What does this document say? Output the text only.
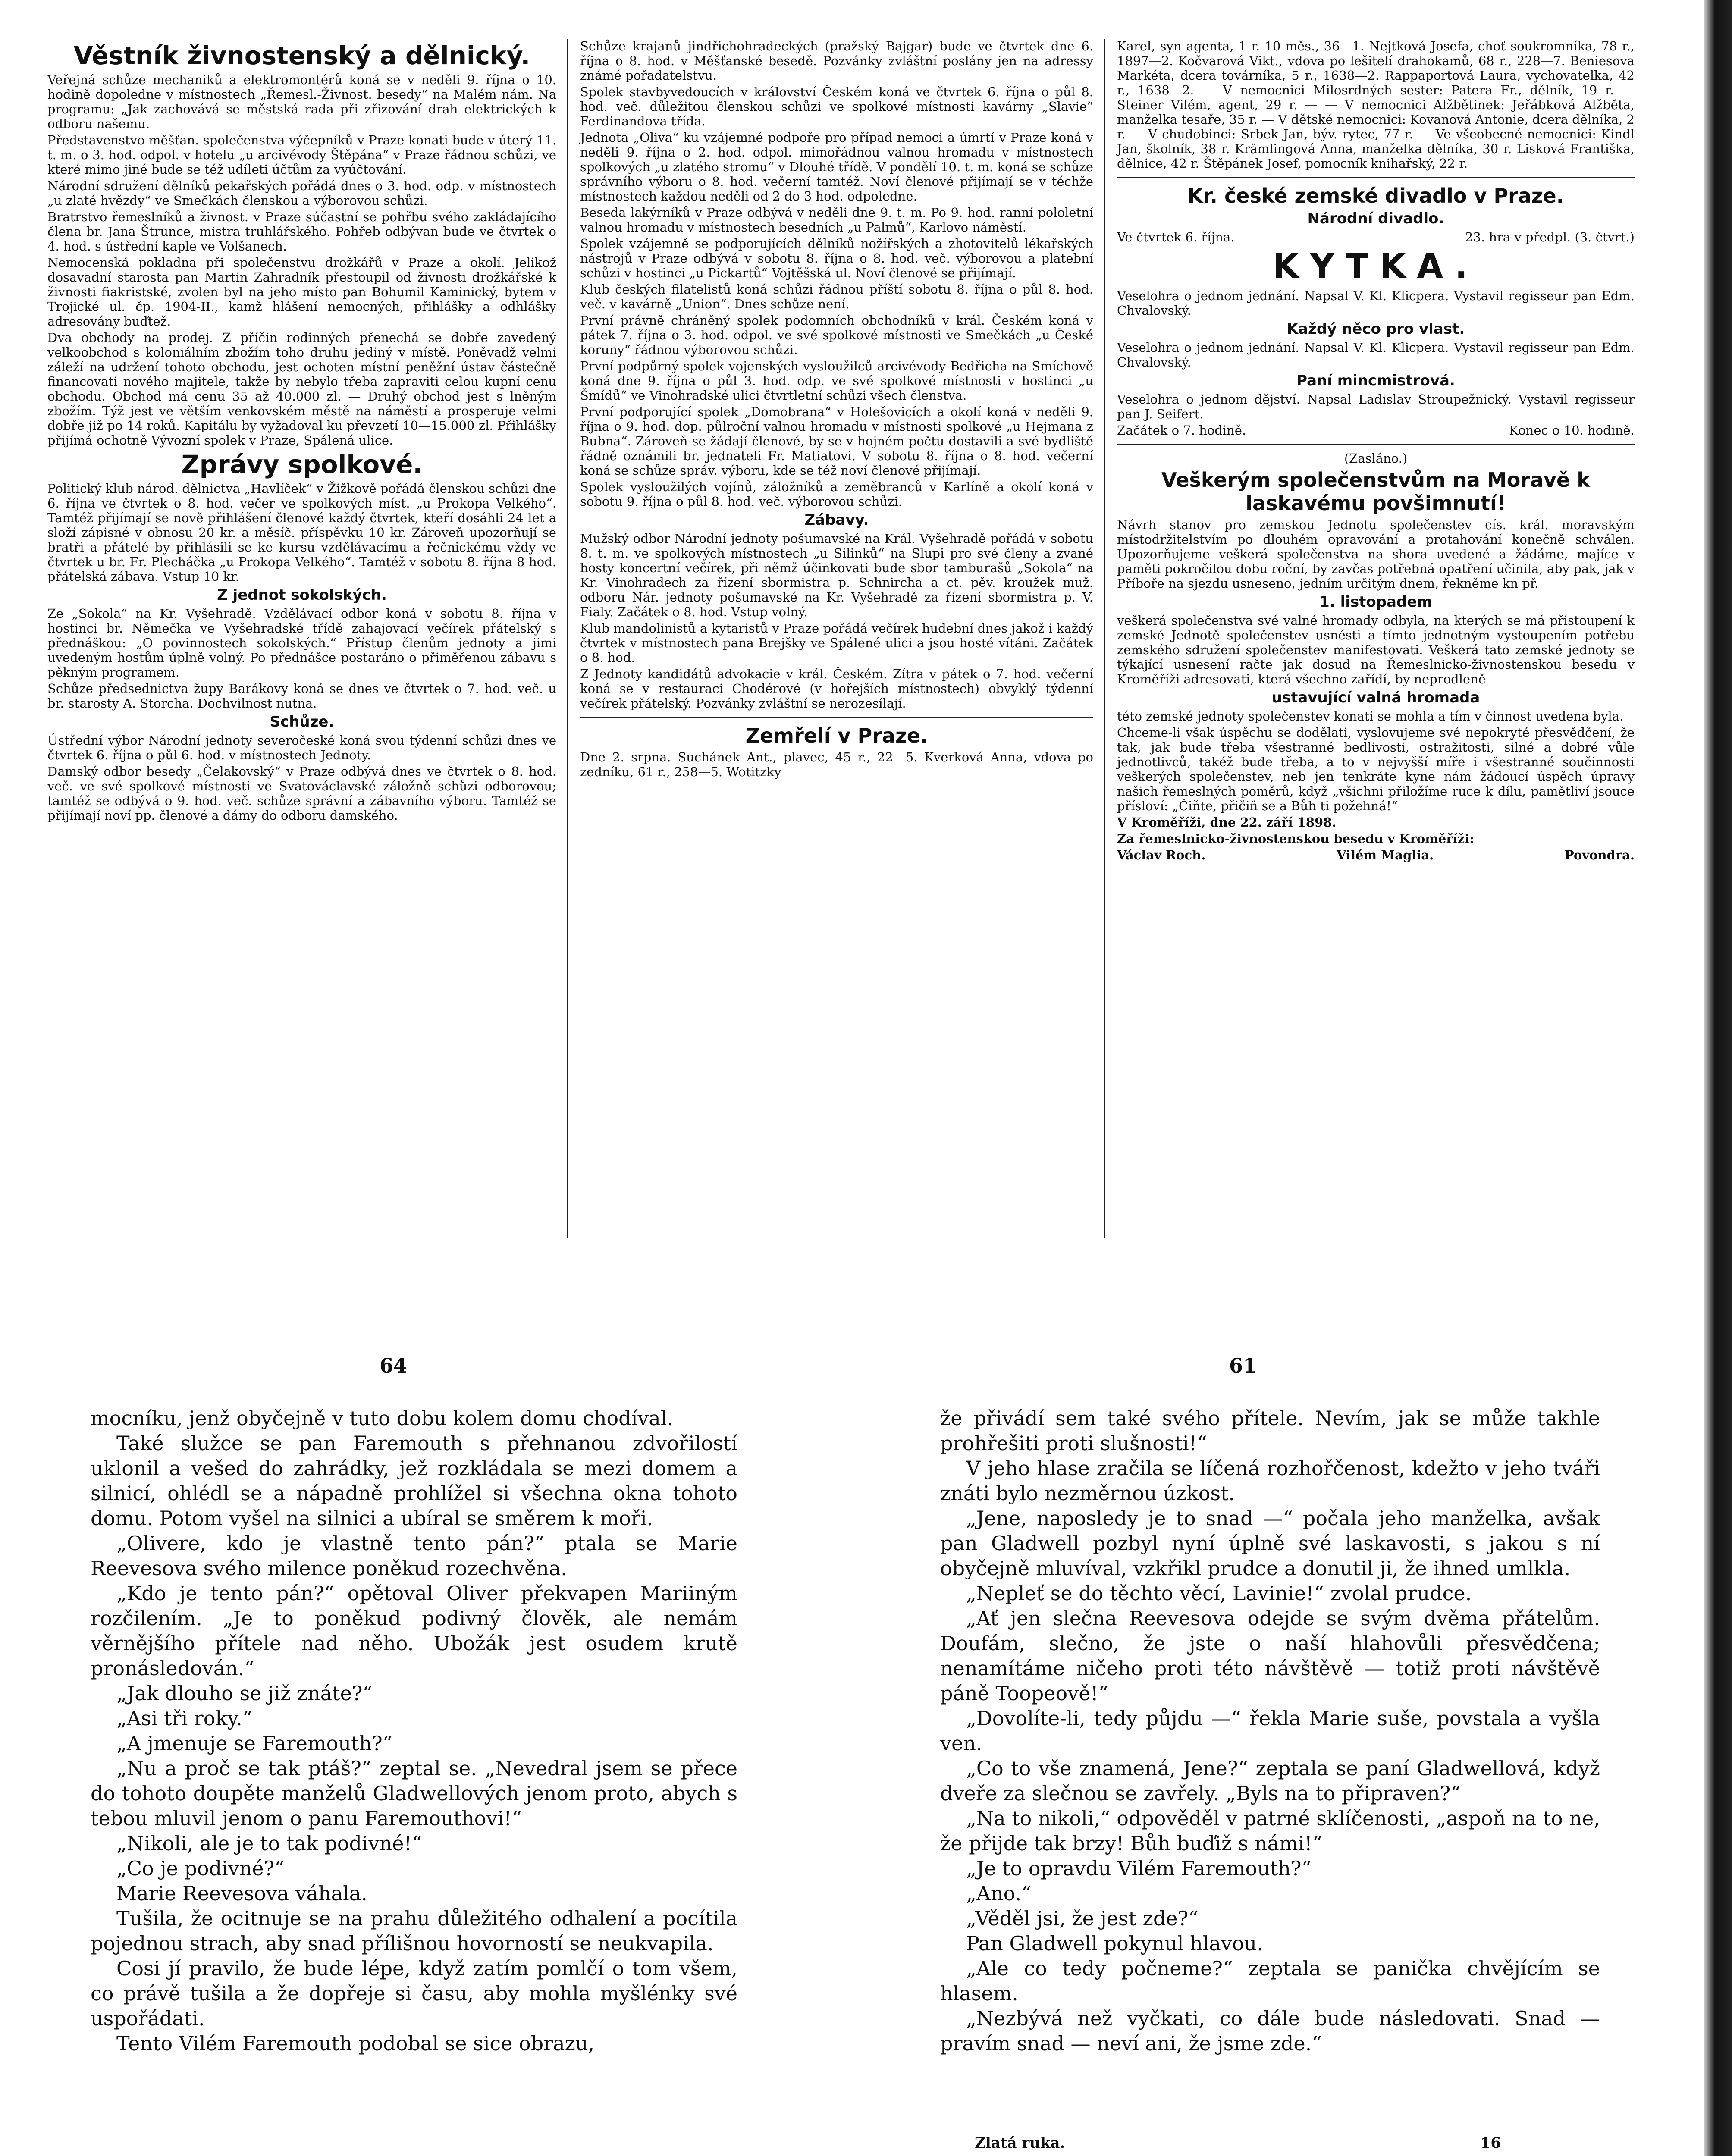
Věstník živnostenský a dělnický.

Veřejná schůze mechaniků a elektromontérů koná se v neděli 9. října o 10. hodině dopoledne v místnostech „Řemesl.-Živnost. besedy“ na Malém nám. Na programu: „Jak zachovává se městská rada při zřizování drah elektrických k odboru našemu.

Představenstvo měšťan. společenstva výčepníků v Praze konati bude v úterý 11. t. m. o 3. hod. odpol. v hotelu „u arcivévody Štěpána“ v Praze řádnou schůzi, ve které mimo jiné bude se též udíleti účtům za vyúčtování.

Národní sdružení dělníků pekařských pořádá dnes o 3. hod. odp. v místnostech „u zlaté hvězdy“ ve Smečkách členskou a výborovou schůzi.

Bratrstvo řemeslníků a živnost. v Praze súčastní se pohřbu svého zakládajícího člena br. Jana Štrunce, mistra truhlářského. Pohřeb odbývan bude ve čtvrtek o 4. hod. s ústřední kaple ve Volšanech.

Nemocenská pokladna při společenstvu drožkářů v Praze a okolí. Jelikož dosavadní starosta pan Martin Zahradník přestoupil od živnosti drožkářské k živnosti fiakristské, zvolen byl na jeho místo pan Bohumil Kaminický, bytem v Trojické ul. čp. 1904-II., kamž hlášení nemocných, přihlášky a odhlášky adresovány buďtež.

Dva obchody na prodej. Z příčin rodinných přenechá se dobře zavedený velkoobchod s koloniálním zbožím toho druhu jediný v místě. Poněvadž velmi záleží na udržení tohoto obchodu, jest ochoten místní peněžní ústav částečně financovati nového majitele, takže by nebylo třeba zapraviti celou kupní cenu obchodu. Obchod má cenu 35 až 40.000 zl. — Druhý obchod jest s lněným zbožím. Týž jest ve větším venkovském městě na náměstí a prosperuje velmi dobře již po 14 roků. Kapitálu by vyžadoval ku převzetí 10—15.000 zl. Přihlášky přijímá ochotně Vývozní spolek v Praze, Spálená ulice.

Zprávy spolkové.

Politický klub národ. dělnictva „Havlíček“ v Žižkově pořádá členskou schůzi dne 6. října ve čtvrtek o 8. hod. večer ve spolkových míst. „u Prokopa Velkého“. Tamtéž přijímají se nově přihlášení členové každý čtvrtek, kteří dosáhli 24 let a složí zápisné v obnosu 20 kr. a měsíč. příspěvku 10 kr. Zároveň upozorňují se bratři a přátelé by přihlásili se ke kursu vzdělávacímu a řečnickému vždy ve čtvrtek u br. Fr. Plecháčka „u Prokopa Velkého“. Tamtéž v sobotu 8. října 8 hod. přátelská zábava. Vstup 10 kr.

Z jednot sokolských.

Ze „Sokola“ na Kr. Vyšehradě. Vzdělávací odbor koná v sobotu 8. října v hostinci br. Němečka ve Vyšehradské třídě zahajovací večírek přátelský s přednáškou: „O povinnostech sokolských.“ Přístup členům jednoty a jimi uvedeným hostům úplně volný. Po přednášce postaráno o přiměřenou zábavu s pěkným programem.

Schůze předsednictva župy Barákovy koná se dnes ve čtvrtek o 7. hod. več. u br. starosty A. Storcha. Dochvilnost nutna.

Schůze.

Ústřední výbor Národní jednoty severočeské koná svou týdenní schůzi dnes ve čtvrtek 6. října o půl 6. hod. v místnostech Jednoty.

Damský odbor besedy „Čelakovský“ v Praze odbývá dnes ve čtvrtek o 8. hod. več. ve své spolkové místnosti ve Svatováclavské záložně schůzi odborovou; tamtéž se odbývá o 9. hod. več. schůze správní a zábavního výboru. Tamtéž se přijímají noví pp. členové a dámy do odboru damského.

Schůze krajanů jindřichohradeckých (pražský Bajgar) bude ve čtvrtek dne 6. října o 8. hod. v Měšťanské besedě. Pozvánky zvláštní poslány jen na adressy známé pořadatelstvu.

Spolek stavbyvedoucích v království Českém koná ve čtvrtek 6. října o půl 8. hod. več. důležitou členskou schůzi ve spolkové místnosti kavárny „Slavie“ Ferdinandova třída.

Jednota „Oliva“ ku vzájemné podpoře pro případ nemoci a úmrtí v Praze koná v neděli 9. října o 2. hod. odpol. mimořádnou valnou hromadu v místnostech spolkových „u zlatého stromu“ v Dlouhé třídě. V pondělí 10. t. m. koná se schůze správního výboru o 8. hod. večerní tamtéž. Noví členové přijímají se v téchže místnostech každou neděli od 2 do 3 hod. odpoledne.

Beseda lakýrníků v Praze odbývá v neděli dne 9. t. m. Po 9. hod. ranní pololetní valnou hromadu v místnostech besedních „u Palmů“, Karlovo náměstí.

Spolek vzájemně se podporujících dělníků nožířských a zhotovitelů lékařských nástrojů v Praze odbývá v sobotu 8. října o 8. hod. več. výborovou a platební schůzi v hostinci „u Pickartů“ Vojtěšská ul. Noví členové se přijímají.

Klub českých filatelistů koná schůzi řádnou příští sobotu 8. října o půl 8. hod. več. v kavárně „Union“. Dnes schůze není.

První právně chráněný spolek podomních obchodníků v král. Českém koná v pátek 7. října o 3. hod. odpol. ve své spolkové místnosti ve Smečkách „u České koruny“ řádnou výborovou schůzi.

První podpůrný spolek vojenských vysloužilců arcivévody Bedřicha na Smíchově koná dne 9. října o půl 3. hod. odp. ve své spolkové místnosti v hostinci „u Šmídů“ ve Vinohradské ulici čtvrtletní schůzi všech členstva.

První podporující spolek „Domobrana“ v Holešovicích a okolí koná v neděli 9. října o 9. hod. dop. půlroční valnou hromadu v místnosti spolkové „u Hejmana z Bubna“. Zároveň se žádají členové, by se v hojném počtu dostavili a své bydliště řádně oznámili br. jednateli Fr. Matiatovi. V sobotu 8. října o 8. hod. večerní koná se schůze správ. výboru, kde se též noví členové přijímají.

Spolek vysloužilých vojínů, záložníků a zeměbranců v Karlíně a okolí koná v sobotu 9. října o půl 8. hod. več. výborovou schůzi.

Zábavy.

Mužský odbor Národní jednoty pošumavské na Král. Vyšehradě pořádá v sobotu 8. t. m. ve spolkových místnostech „u Silinků“ na Slupi pro své členy a zvané hosty koncertní večírek, při němž účinkovati bude sbor tamburašů „Sokola“ na Kr. Vinohradech za řízení sbormistra p. Schnircha a ct. pěv. kroužek muž. odboru Nár. jednoty pošumavské na Kr. Vyšehradě za řízení sbormistra p. V. Fialy. Začátek o 8. hod. Vstup volný.

Klub mandolinistů a kytaristů v Praze pořádá večírek hudební dnes jakož i každý čtvrtek v místnostech pana Brejšky ve Spálené ulici a jsou hosté vítáni. Začátek o 8. hod.

Z Jednoty kandidátů advokacie v král. Českém. Zítra v pátek o 7. hod. večerní koná se v restauraci Chodérové (v hořejších místnostech) obvyklý týdenní večírek přátelský. Pozvánky zvláštní se nerozesílají.

Zemřelí v Praze.

Dne 2. srpna. Suchánek Ant., plavec, 45 r., 22—5. Kverková Anna, vdova po zedníku, 61 r., 258—5. Wotitzky

Karel, syn agenta, 1 r. 10 měs., 36—1. Nejtková Josefa, choť soukromníka, 78 r., 1897—2. Kočvarová Vikt., vdova po lešitelí drahokamů, 68 r., 228—7. Beniesova Markéta, dcera továrníka, 5 r., 1638—2. Rappaportová Laura, vychovatelka, 42 r., 1638—2. — V nemocnici Milosrdných sester: Patera Fr., dělník, 19 r. — Steiner Vilém, agent, 29 r. — — V nemocnici Alžbětinek: Jeřábková Alžběta, manželka tesaře, 35 r. — V dětské nemocnici: Kovanová Antonie, dcera dělníka, 2 r. — V chudobinci: Srbek Jan, býv. rytec, 77 r. — Ve všeobecné nemocnici: Kindl Jan, školník, 38 r. Krämlingová Anna, manželka dělníka, 30 r. Lisková Františka, dělnice, 42 r. Štěpánek Josef, pomocník knihařský, 22 r.

Kr. české zemské divadlo v Praze.
Národní divadlo.
Ve čtvrtek 6. října.	23. hra v předpl. (3. čtvrt.)
KYTKA.

Veselohra o jednom jednání. Napsal V. Kl. Klicpera. Vystavil regisseur pan Edm. Chvalovský.

Každý něco pro vlast.

Veselohra o jednom jednání. Napsal V. Kl. Klicpera. Vystavil regisseur pan Edm. Chvalovský.

Paní mincmistrová.

Veselohra o jednom dějství. Napsal Ladislav Stroupežnický. Vystavil regisseur pan J. Seifert.

Začátek o 7. hodině.	Konec o 10. hodině.
(Zasláno.)
Veškerým společenstvům na Moravě k laskavému povšimnutí!

Návrh stanov pro zemskou Jednotu společenstev cís. král. moravským místodržitelstvím po dlouhém opravování a protahování konečně schválen. Upozorňujeme veškerá společenstva na shora uvedené a žádáme, majíce v paměti pokročilou dobu roční, by zavčas potřebná opatření učinila, aby pak, jak v Příboře na sjezdu usneseno, jedním určitým dnem, řekněme kn př.

1. listopadem

veškerá společenstva své valné hromady odbyla, na kterých se má přistoupení k zemské Jednotě společenstev usnésti a tímto jednotným vystoupením potřebu zemského sdružení společenstev manifestovati. Veškerá tato zemské jednoty se týkající usnesení račte jak dosud na Řemeslnicko-živnostenskou besedu v Kroměříži adresovati, která všechno zařídí, by neprodleně

ustavující valná hromada

této zemské jednoty společenstev konati se mohla a tím v činnost uvedena byla.

Chceme-li však úspěchu se dodělati, vyslovujeme své nepokryté přesvědčení, že tak, jak bude třeba všestranné bedlivosti, ostražitosti, silné a dobré vůle jednotlivců, takéž bude třeba, a to v nejvyšší míře i všestranné součinnosti veškerých společenstev, neb jen tenkráte kyne nám žádoucí úspěch úpravy našich řemeslných poměrů, když „všichni přiložíme ruce k dílu, pamětliví jsouce přísloví: „Čiňte, přičiň se a Bůh ti požehná!“

V Kroměříži, dne 22. září 1898.

Za řemeslnicko-živnostenskou besedu v Kroměříži:

Václav Roch.	Vilém Maglia.	Povondra.
64	61

mocníku, jenž obyčejně v tuto dobu kolem domu chodíval.

Také služce se pan Faremouth s přehnanou zdvořilostí uklonil a vešed do zahrádky, jež rozkládala se mezi domem a silnicí, ohlédl se a nápadně prohlížel si všechna okna tohoto domu. Potom vyšel na silnici a ubíral se směrem k moři.

„Olivere, kdo je vlastně tento pán?“ ptala se Marie Reevesova svého milence poněkud rozechvěna.

„Kdo je tento pán?“ opětoval Oliver překvapen Mariiným rozčilením. „Je to poněkud podivný člověk, ale nemám věrnějšího přítele nad něho. Ubožák jest osudem krutě pronásledován.“

„Jak dlouho se již znáte?“

„Asi tři roky.“

„A jmenuje se Faremouth?“

„Nu a proč se tak ptáš?“ zeptal se. „Nevedral jsem se přece do tohoto doupěte manželů Gladwellových jenom proto, abych s tebou mluvil jenom o panu Faremouthovi!“

„Nikoli, ale je to tak podivné!“

„Co je podivné?“

Marie Reevesova váhala.

Tušila, že ocitnuje se na prahu důležitého odhalení a pocítila pojednou strach, aby snad přílišnou hovorností se neukvapila.

Cosi jí pravilo, že bude lépe, když zatím pomlčí o tom všem, co právě tušila a že dopřeje si času, aby mohla myšlénky své uspořádati.

Tento Vilém Faremouth podobal se sice obrazu,

že přivádí sem také svého přítele. Nevím, jak se může takhle prohřešiti proti slušnosti!“

V jeho hlase zračila se líčená rozhořčenost, kdežto v jeho tváři znáti bylo nezměrnou úzkost.

„Jene, naposledy je to snad —“ počala jeho manželka, avšak pan Gladwell pozbyl nyní úplně své laskavosti, s jakou s ní obyčejně mluvíval, vzkřikl prudce a donutil ji, že ihned umlkla.

„Nepleť se do těchto věcí, Lavinie!“ zvolal prudce.

„Ať jen slečna Reevesova odejde se svým dvěma přátelům. Doufám, slečno, že jste o naší hlahovůli přesvědčena; nenamítáme ničeho proti této návštěvě — totiž proti návštěvě páně Toopeově!“

„Dovolíte-li, tedy půjdu —“ řekla Marie suše, povstala a vyšla ven.

„Co to vše znamená, Jene?“ zeptala se paní Gladwellová, když dveře za slečnou se zavřely. „Byls na to připraven?“

„Na to nikoli,“ odpověděl v patrné sklíčenosti, „aspoň na to ne, že přijde tak brzy! Bůh buďiž s námi!“

„Je to opravdu Vilém Faremouth?“

„Ano.“

„Věděl jsi, že jest zde?“

Pan Gladwell pokynul hlavou.

„Ale co tedy počneme?“ zeptala se panička chvějícím se hlasem.

„Nezbývá než vyčkati, co dále bude následovati. Snad — pravím snad — neví ani, že jsme zde.“

Zlatá ruka.	16
